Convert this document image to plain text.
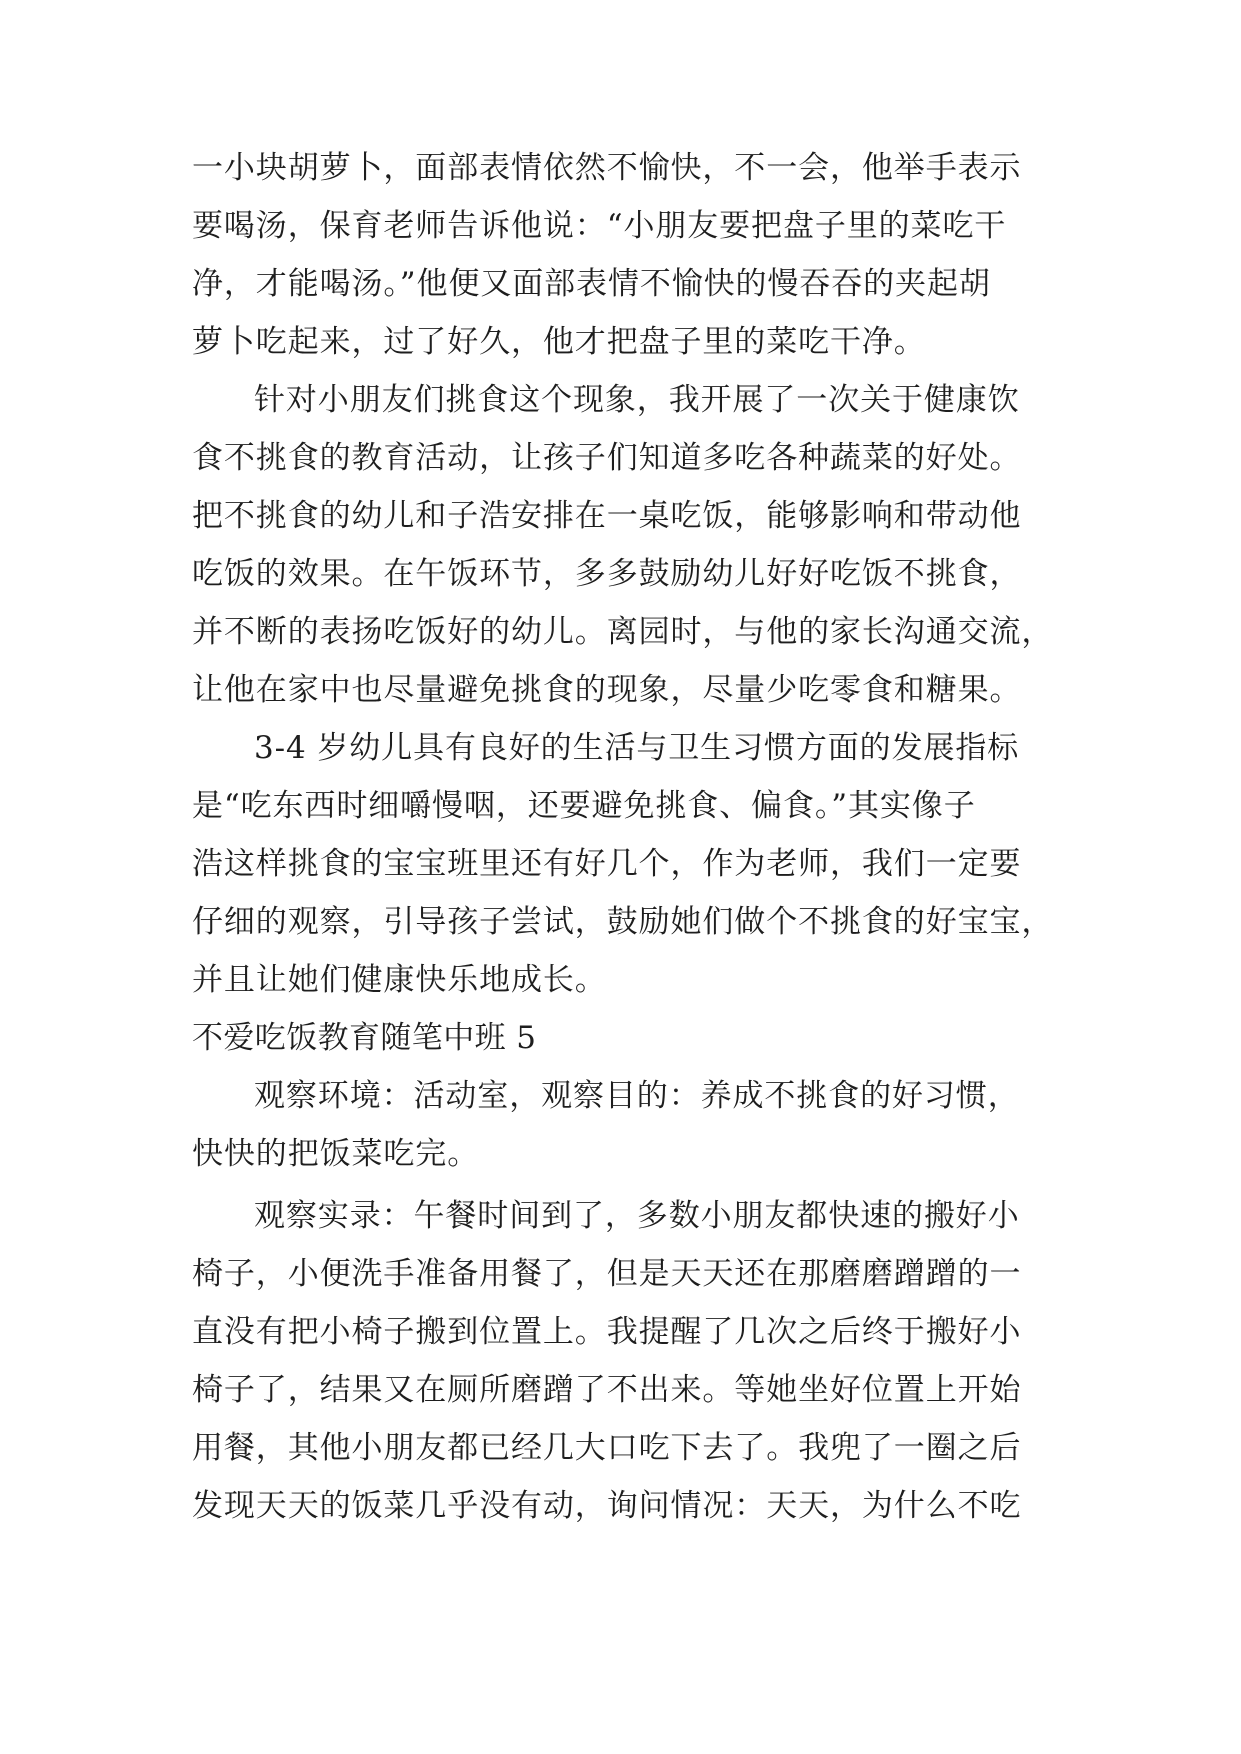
一小块胡萝卜，面部表情依然不愉快，不一会，他举手表示

要喝汤，保育老师告诉他说：“小朋友要把盘子里的菜吃干

净，才能喝汤。”他便又面部表情不愉快的慢吞吞的夹起胡

萝卜吃起来，过了好久，他才把盘子里的菜吃干净。

针对小朋友们挑食这个现象，我开展了一次关于健康饮

食不挑食的教育活动，让孩子们知道多吃各种蔬菜的好处。

把不挑食的幼儿和子浩安排在一桌吃饭，能够影响和带动他

吃饭的效果。在午饭环节，多多鼓励幼儿好好吃饭不挑食，

并不断的表扬吃饭好的幼儿。离园时，与他的家长沟通交流，

让他在家中也尽量避免挑食的现象，尽量少吃零食和糖果。

3-4 岁幼儿具有良好的生活与卫生习惯方面的发展指标

是“吃东西时细嚼慢咽，还要避免挑食、偏食。”其实像子

浩这样挑食的宝宝班里还有好几个，作为老师，我们一定要

仔细的观察，引导孩子尝试，鼓励她们做个不挑食的好宝宝，

并且让她们健康快乐地成长。

不爱吃饭教育随笔中班 5

观察环境：活动室，观察目的：养成不挑食的好习惯，

快快的把饭菜吃完。

观察实录：午餐时间到了，多数小朋友都快速的搬好小

椅子，小便洗手准备用餐了，但是天天还在那磨磨蹭蹭的一

直没有把小椅子搬到位置上。我提醒了几次之后终于搬好小

椅子了，结果又在厕所磨蹭了不出来。等她坐好位置上开始

用餐，其他小朋友都已经几大口吃下去了。我兜了一圈之后

发现天天的饭菜几乎没有动，询问情况：天天，为什么不吃
